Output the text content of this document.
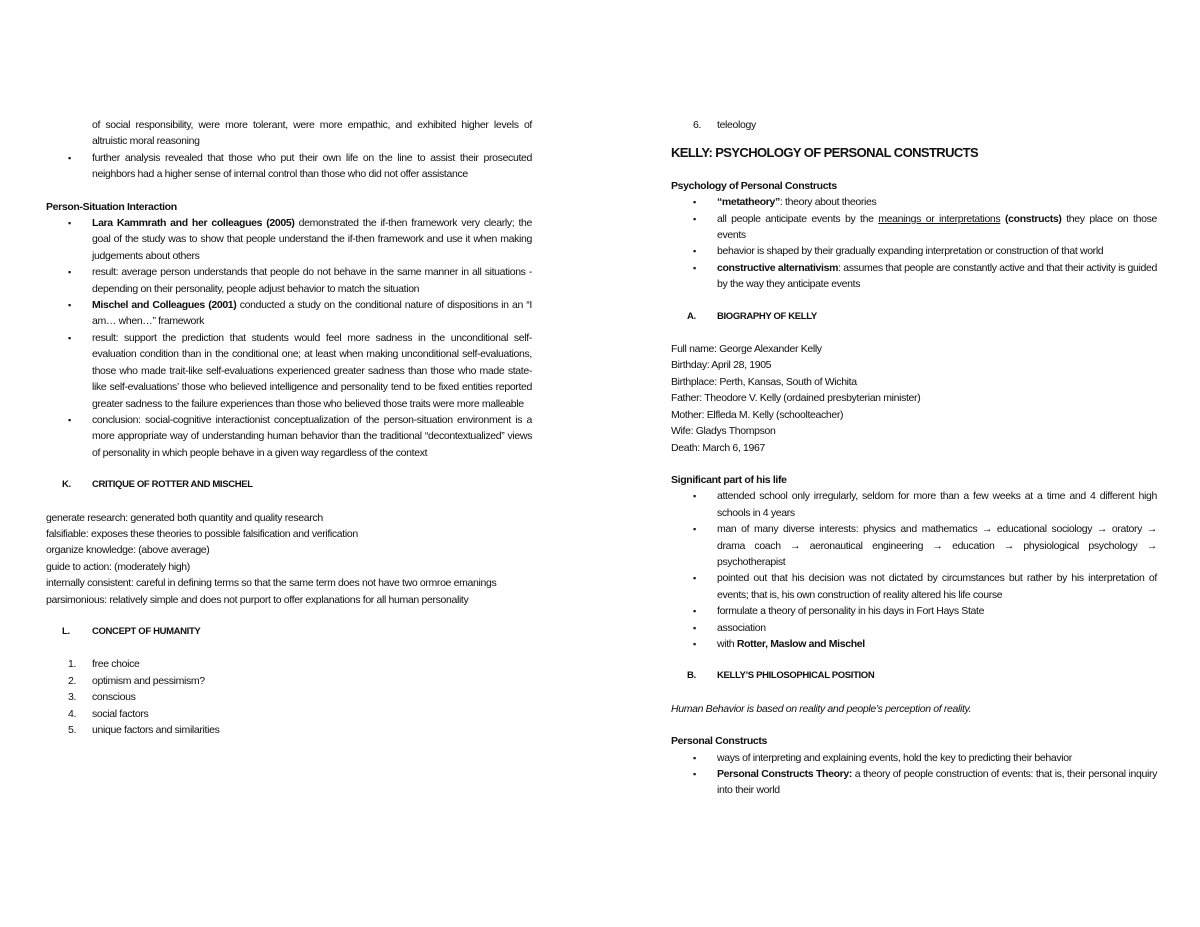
of social responsibility, were more tolerant, were more empathic, and exhibited higher levels of altruistic moral reasoning

▪ further analysis revealed that those who put their own life on the line to assist their prosecuted neighbors had a higher sense of internal control than those who did not offer assistance

Person-Situation Interaction

▪ Lara Kammrath and her colleagues (2005) demonstrated the if-then framework very clearly; the goal of the study was to show that people understand the if-then framework and use it when making judgements about others
▪ result: average person understands that people do not behave in the same manner in all situations - depending on their personality, people adjust behavior to match the situation
▪ Mischel and Colleagues (2001) conducted a study on the conditional nature of dispositions in an “I am… when…” framework
▪ result: support the prediction that students would feel more sadness in the unconditional self-evaluation condition than in the conditional one; at least when making unconditional self-evaluations, those who made trait-like self-evaluations experienced greater sadness than those who made state-like self-evaluations’ those who believed intelligence and personality tend to be fixed entities reported greater sadness to the failure experiences than those who believed those traits were more malleable
▪ conclusion: social-cognitive interactionist conceptualization of the person-situation environment is a more appropriate way of understanding human behavior than the traditional “decontextualized” views of personality in which people behave in a given way regardless of the context

K. CRITIQUE OF ROTTER AND MISCHEL

generate research: generated both quantity and quality research

falsifiable: exposes these theories to possible falsification and verification

organize knowledge: (above average)

guide to action: (moderately high)

internally consistent: careful in defining terms so that the same term does not have two ormroe emanings

parsimonious: relatively simple and does not purport to offer explanations for all human personality

L. CONCEPT OF HUMANITY

1. free choice
2. optimism and pessimism?
3. conscious
4. social factors
5. unique factors and similarities
6. teleology

KELLY: PSYCHOLOGY OF PERSONAL CONSTRUCTS

Psychology of Personal Constructs

▪ “metatheory”: theory about theories
▪ all people anticipate events by the meanings or interpretations (constructs) they place on those events
▪ behavior is shaped by their gradually expanding interpretation or construction of that world
▪ constructive alternativism: assumes that people are constantly active and that their activity is guided by the way they anticipate events

A. BIOGRAPHY OF KELLY

Full name: George Alexander Kelly

Birthday: April 28, 1905

Birthplace: Perth, Kansas, South of Wichita

Father: Theodore V. Kelly (ordained presbyterian minister)

Mother: Elfleda M. Kelly (schoolteacher)

Wife: Gladys Thompson

Death: March 6, 1967

Significant part of his life

▪ attended school only irregularly, seldom for more than a few weeks at a time and 4 different high schools in 4 years
▪ man of many diverse interests: physics and mathematics → educational sociology → oratory → drama coach → aeronautical engineering → education → physiological psychology → psychotherapist
▪ pointed out that his decision was not dictated by circumstances but rather by his interpretation of events; that is, his own construction of reality altered his life course
▪ formulate a theory of personality in his days in Fort Hays State
▪ association
▪ with Rotter, Maslow and Mischel

B. KELLY’S PHILOSOPHICAL POSITION

Human Behavior is based on reality and people’s perception of reality.

Personal Constructs

▪ ways of interpreting and explaining events, hold the key to predicting their behavior
▪ Personal Constructs Theory: a theory of people construction of events: that is, their personal inquiry into their world
